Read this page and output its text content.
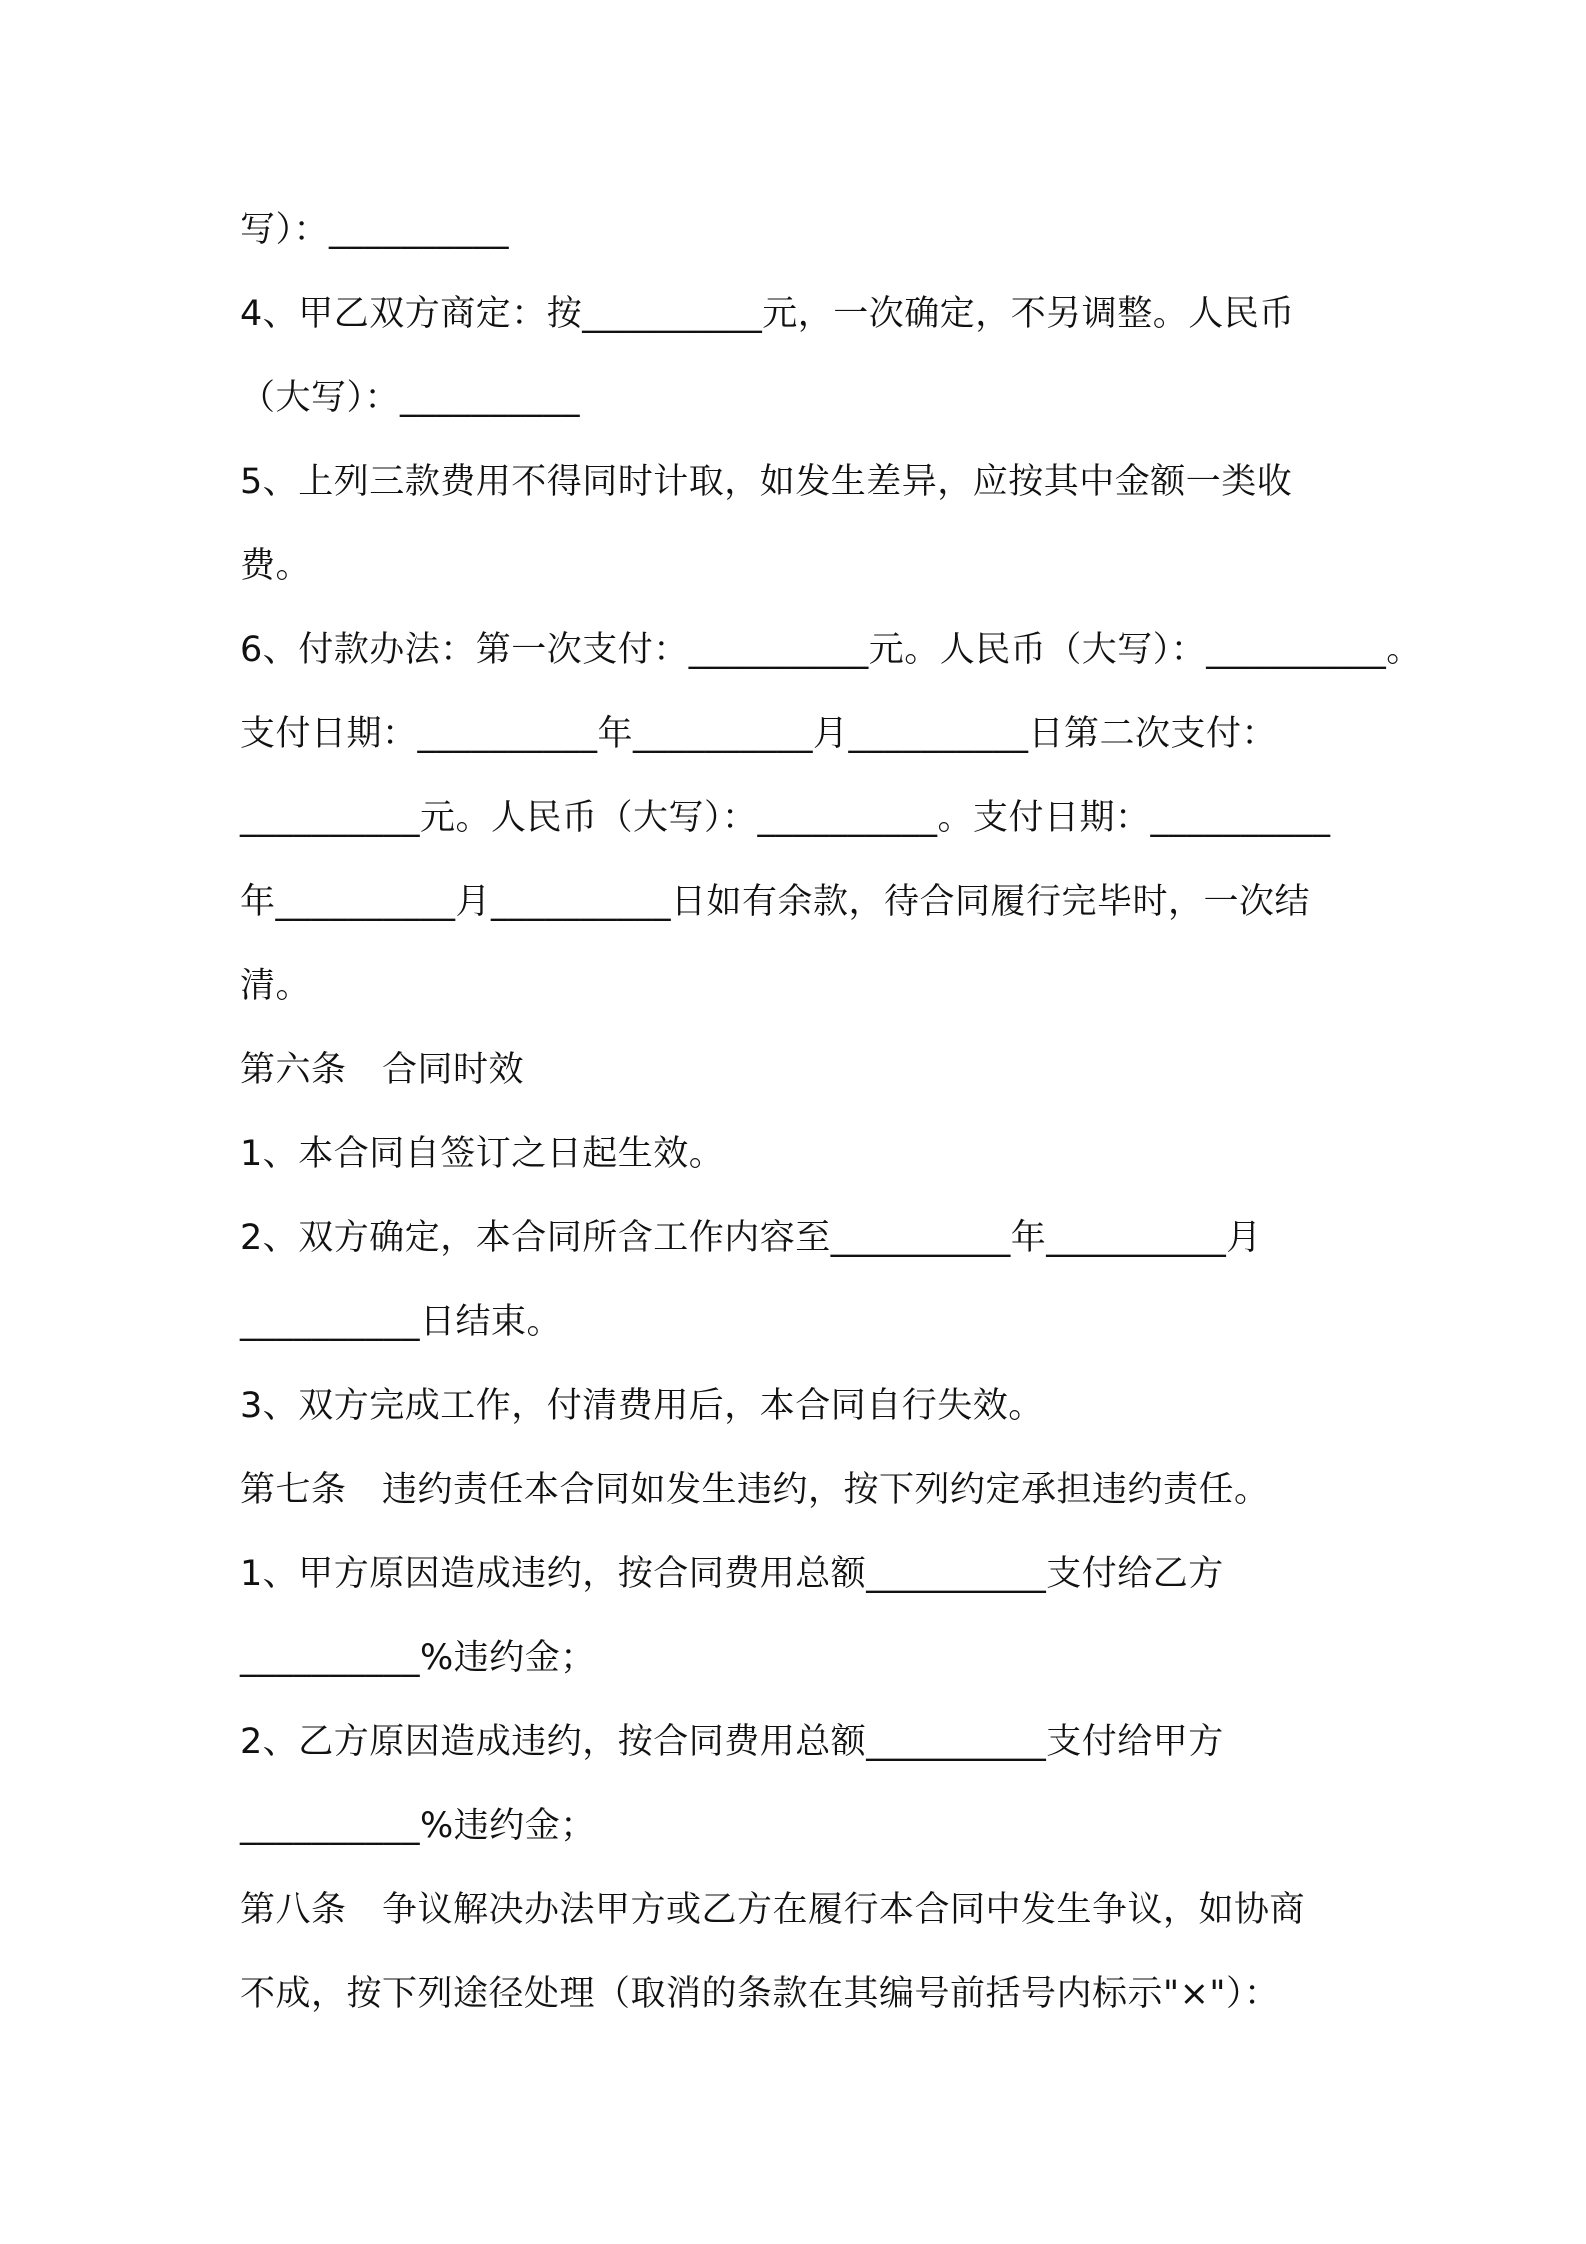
写）：__________
4、甲乙双方商定：按__________元，一次确定，不另调整。人民币
（大写）：__________
5、上列三款费用不得同时计取，如发生差异，应按其中金额一类收
费。
6、付款办法：第一次支付：__________元。人民币（大写）：__________。
支付日期：__________年__________月__________日第二次支付：
__________元。人民币（大写）：__________。支付日期：__________
年__________月__________日如有余款，待合同履行完毕时，一次结
清。
第六条　合同时效
1、本合同自签订之日起生效。
2、双方确定，本合同所含工作内容至__________年__________月
__________日结束。
3、双方完成工作，付清费用后，本合同自行失效。
第七条　违约责任本合同如发生违约，按下列约定承担违约责任。
1、甲方原因造成违约，按合同费用总额__________支付给乙方
__________%违约金；
2、乙方原因造成违约，按合同费用总额__________支付给甲方
__________%违约金；
第八条　争议解决办法甲方或乙方在履行本合同中发生争议，如协商
不成，按下列途径处理（取消的条款在其编号前括号内标示"×"）：
